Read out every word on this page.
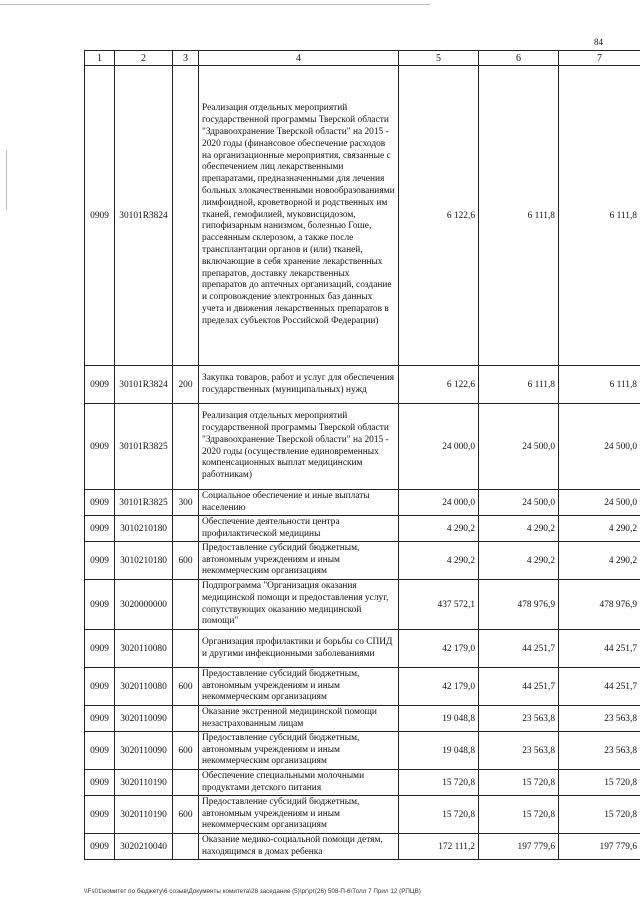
84
1	2	3	4	5	6	7
0909	30101R3824		Реализация отдельных мероприятий государственной программы Тверской области "Здравоохранение Тверской области" на 2015 - 2020 годы (финансовое обеспечение расходов на организационные мероприятия, связанные с обеспечением лиц лекарственными препаратами, предназначенными для лечения больных злокачественными новообразованиями лимфоидной, кроветворной и родственных им тканей, гемофилией, муковисцидозом, гипофизарным нанизмом, болезнью Гоше, рассеянным склерозом, а также после трансплантации органов и (или) тканей, включающие в себя хранение лекарственных препаратов, доставку лекарственных препаратов до аптечных организаций, создание и сопровождение электронных баз данных учета и движения лекарственных препаратов в пределах субъектов Российской Федерации)	6 122,6	6 111,8	6 111,8
0909	30101R3824	200	Закупка товаров, работ и услуг для обеспечения государственных (муниципальных) нужд	6 122,6	6 111,8	6 111,8
0909	30101R3825		Реализация отдельных мероприятий государственной программы Тверской области "Здравоохранение Тверской области" на 2015 - 2020 годы (осуществление единовременных компенсационных выплат медицинским работникам)	24 000,0	24 500,0	24 500,0
0909	30101R3825	300	Социальное обеспечение и иные выплаты населению	24 000,0	24 500,0	24 500,0
0909	3010210180		Обеспечение деятельности центра профилактической медицины	4 290,2	4 290,2	4 290,2
0909	3010210180	600	Предоставление субсидий бюджетным, автономным учреждениям и иным некоммерческим организациям	4 290,2	4 290,2	4 290,2
0909	3020000000		Подпрограмма "Организация оказания медицинской помощи и предоставления услуг, сопутствующих оказанию медицинской помощи"	437 572,1	478 976,9	478 976,9
0909	3020110080		Организация профилактики и борьбы со СПИД и другими инфекционными заболеваниями	42 179,0	44 251,7	44 251,7
0909	3020110080	600	Предоставление субсидий бюджетным, автономным учреждениям и иным некоммерческим организациям	42 179,0	44 251,7	44 251,7
0909	3020110090		Оказание экстренной медицинской помощи незастрахованным лицам	19 048,8	23 563,8	23 563,8
0909	3020110090	600	Предоставление субсидий бюджетным, автономным учреждениям и иным некоммерческим организациям	19 048,8	23 563,8	23 563,8
0909	3020110190		Обеспечение специальными молочными продуктами детского питания	15 720,8	15 720,8	15 720,8
0909	3020110190	600	Предоставление субсидий бюджетным, автономным учреждениям и иным некоммерческим организациям	15 720,8	15 720,8	15 720,8
0909	3020210040		Оказание медико-социальной помощи детям, находящимся в домах ребенка	172 111,2	197 779,6	197 779,6
\\Fs01\комитет по бюджету\6 созыв\Документы комитета\28 заседание (5)\рг\рг(26) 508-П-6\Толл 7 Прил 12 (РПЦВ)
